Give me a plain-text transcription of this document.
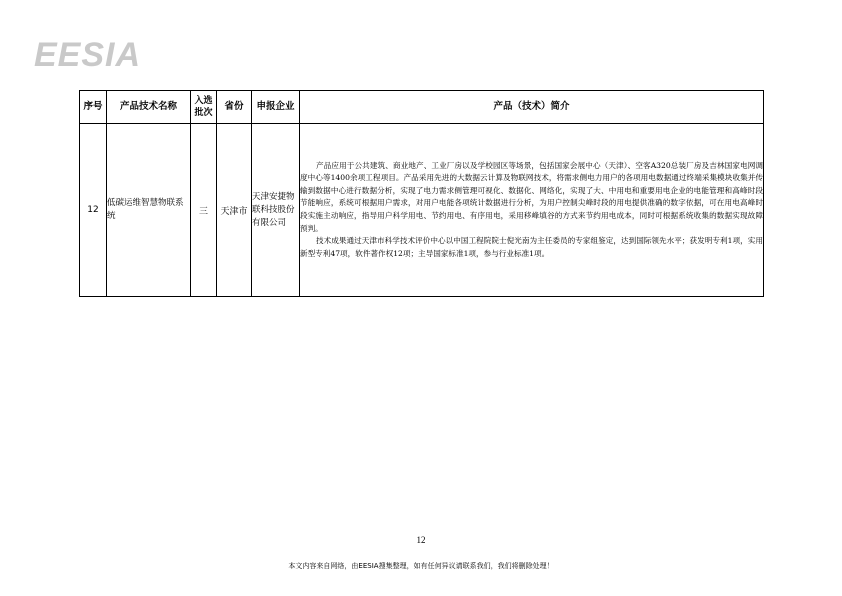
EESIA
序号	产品技术名称	入选批次	省份	申报企业	产品（技术）简介
12	低碳运维智慧物联系统	三	天津市	天津安捷物联科技股份有限公司	产品应用于公共建筑、商业地产、工业厂房以及学校园区等场景，包括国家会展中心（天津）、空客A320总装厂房及吉林国家电网调度中心等1400余项工程项目。产品采用先进的大数据云计算及物联网技术，将需求侧电力用户的各项用电数据通过终端采集模块收集并传输到数据中心进行数据分析，实现了电力需求侧管理可视化、数据化、网络化，实现了大、中用电和重要用电企业的电能管理和高峰时段节能响应，系统可根据用户需求，对用户电能各项统计数据进行分析，为用户控制尖峰时段的用电提供准确的数字依据，可在用电高峰时段实施主动响应，指导用户科学用电、节约用电、有序用电，采用移峰填谷的方式来节约用电成本，同时可根据系统收集的数据实现故障预判。

技术成果通过天津市科学技术评价中心以中国工程院院士倪光南为主任委员的专家组鉴定，达到国际领先水平；获发明专利1项，实用新型专利47项，软件著作权12项；主导国家标准1项，参与行业标准1项。

12
本文内容来自网络，由EESIA搜集整理，如有任何异议请联系我们，我们将删除处理！
